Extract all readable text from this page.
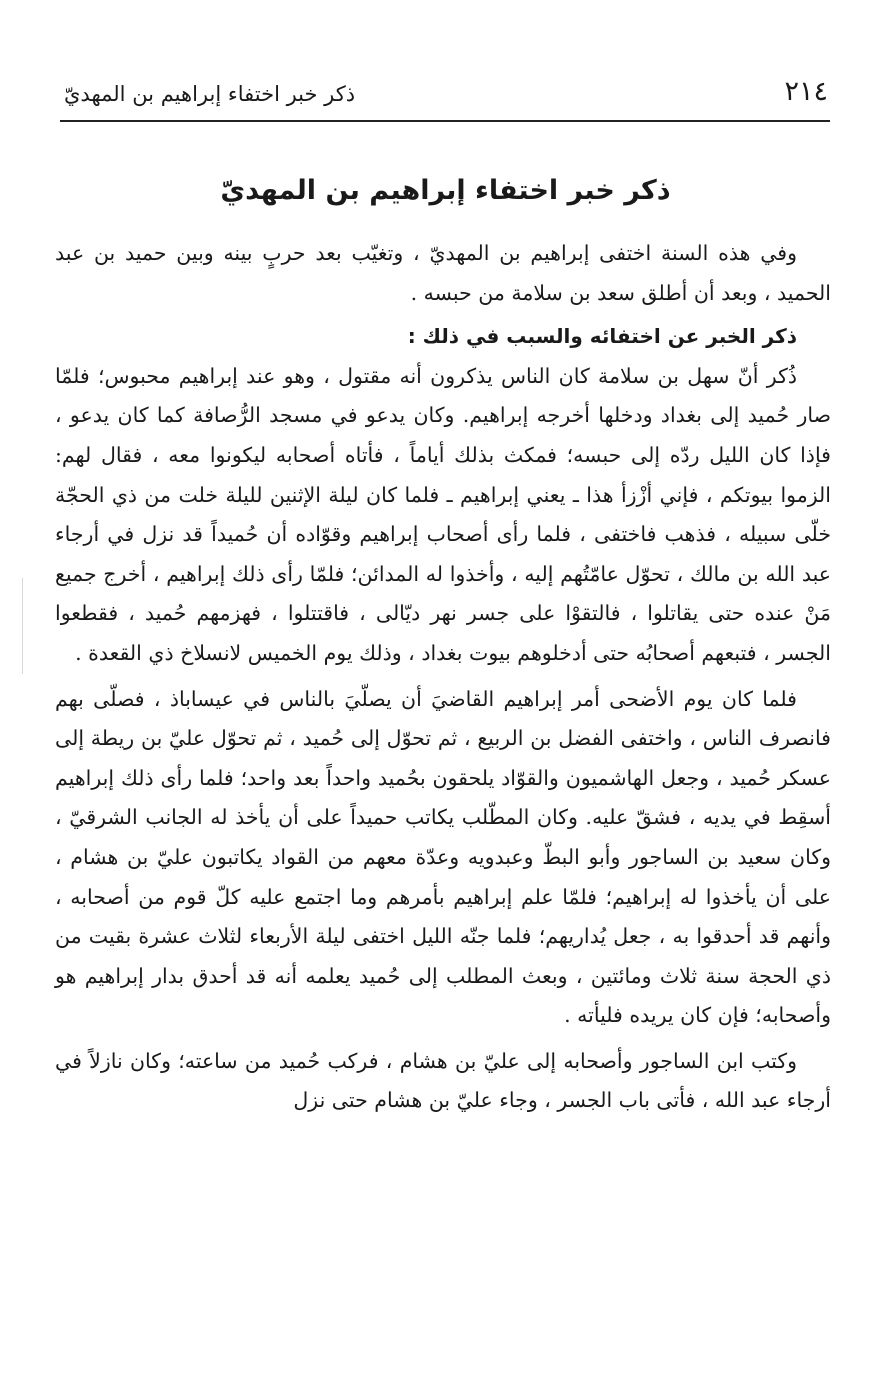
٢١٤
ذكر خبر اختفاء إبراهيم بن المهديّ
ذكر خبر اختفاء إبراهيم بن المهديّ

وفي هذه السنة اختفى إبراهيم بن المهديّ ، وتغيّب بعد حربٍ بينه وبين حميد بن عبد الحميد ، وبعد أن أطلق سعد بن سلامة من حبسه .

ذكر الخبر عن اختفائه والسبب في ذلك :

ذُكر أنّ سهل بن سلامة كان الناس يذكرون أنه مقتول ، وهو عند إبراهيم محبوس؛ فلمّا صار حُميد إلى بغداد ودخلها أخرجه إبراهيم. وكان يدعو في مسجد الرُّصافة كما كان يدعو ، فإذا كان الليل ردّه إلى حبسه؛ فمكث بذلك أياماً ، فأتاه أصحابه ليكونوا معه ، فقال لهم: الزموا بيوتكم ، فإني أزْزأ هذا ـ يعني إبراهيم ـ فلما كان ليلة الإثنين لليلة خلت من ذي الحجّة خلّى سبيله ، فذهب فاختفى ، فلما رأى أصحاب إبراهيم وقوّاده أن حُميداً قد نزل في أرجاء عبد الله بن مالك ، تحوّل عامّتُهم إليه ، وأخذوا له المدائن؛ فلمّا رأى ذلك إبراهيم ، أخرج جميع مَنْ عنده حتى يقاتلوا ، فالتقوْا على جسر نهر ديّالى ، فاقتتلوا ، فهزمهم حُميد ، فقطعوا الجسر ، فتبعهم أصحابُه حتى أدخلوهم بيوت بغداد ، وذلك يوم الخميس لانسلاخ ذي القعدة .

فلما كان يوم الأضحى أمر إبراهيم القاضيَ أن يصلّيَ بالناس في عيساباذ ، فصلّى بهم فانصرف الناس ، واختفى الفضل بن الربيع ، ثم تحوّل إلى حُميد ، ثم تحوّل عليّ بن ريطة إلى عسكر حُميد ، وجعل الهاشميون والقوّاد يلحقون بحُميد واحداً بعد واحد؛ فلما رأى ذلك إبراهيم أسقِط في يديه ، فشقّ عليه. وكان المطّلب يكاتب حميداً على أن يأخذ له الجانب الشرقيّ ، وكان سعيد بن الساجور وأبو البطّ وعبدويه وعدّة معهم من القواد يكاتبون عليّ بن هشام ، على أن يأخذوا له إبراهيم؛ فلمّا علم إبراهيم بأمرهم وما اجتمع عليه كلّ قوم من أصحابه ، وأنهم قد أحدقوا به ، جعل يُداريهم؛ فلما جنّه الليل اختفى ليلة الأربعاء لثلاث عشرة بقيت من ذي الحجة سنة ثلاث ومائتين ، وبعث المطلب إلى حُميد يعلمه أنه قد أحدق بدار إبراهيم هو وأصحابه؛ فإن كان يريده فليأته .

وكتب ابن الساجور وأصحابه إلى عليّ بن هشام ، فركب حُميد من ساعته؛ وكان نازلاً في أرجاء عبد الله ، فأتى باب الجسر ، وجاء عليّ بن هشام حتى نزل
